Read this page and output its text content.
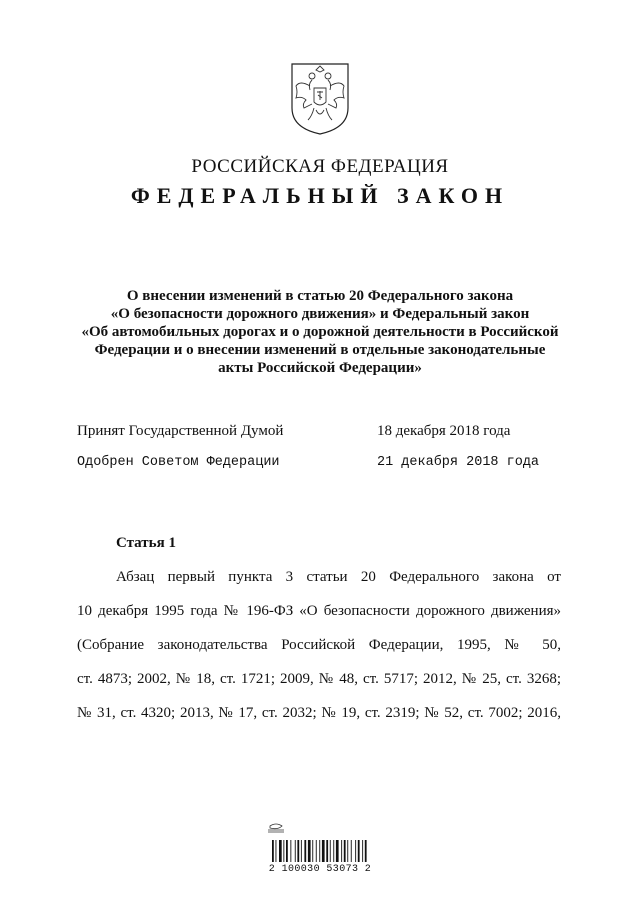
РОССИЙСКАЯ ФЕДЕРАЦИЯ
ФЕДЕРАЛЬНЫЙ ЗАКОН
О внесении изменений в статью 20 Федерального закона
«О безопасности дорожного движения» и Федеральный закон
«Об автомобильных дорогах и о дорожной деятельности в Российской
Федерации и о внесении изменений в отдельные законодательные
акты Российской Федерации»
Принят Государственной Думой	18 декабря 2018 года
Одобрен Советом Федерации	21 декабря 2018 года
Статья 1
Абзац первый пункта 3 статьи 20 Федерального закона от
10 декабря 1995 года № 196-ФЗ «О безопасности дорожного движения»
(Собрание законодательства Российской Федерации, 1995, № 50,
ст. 4873; 2002, № 18, ст. 1721; 2009, № 48, ст. 5717; 2012, № 25, ст. 3268;
№ 31, ст. 4320; 2013, № 17, ст. 2032; № 19, ст. 2319; № 52, ст. 7002; 2016,
2 100030 53073 2
